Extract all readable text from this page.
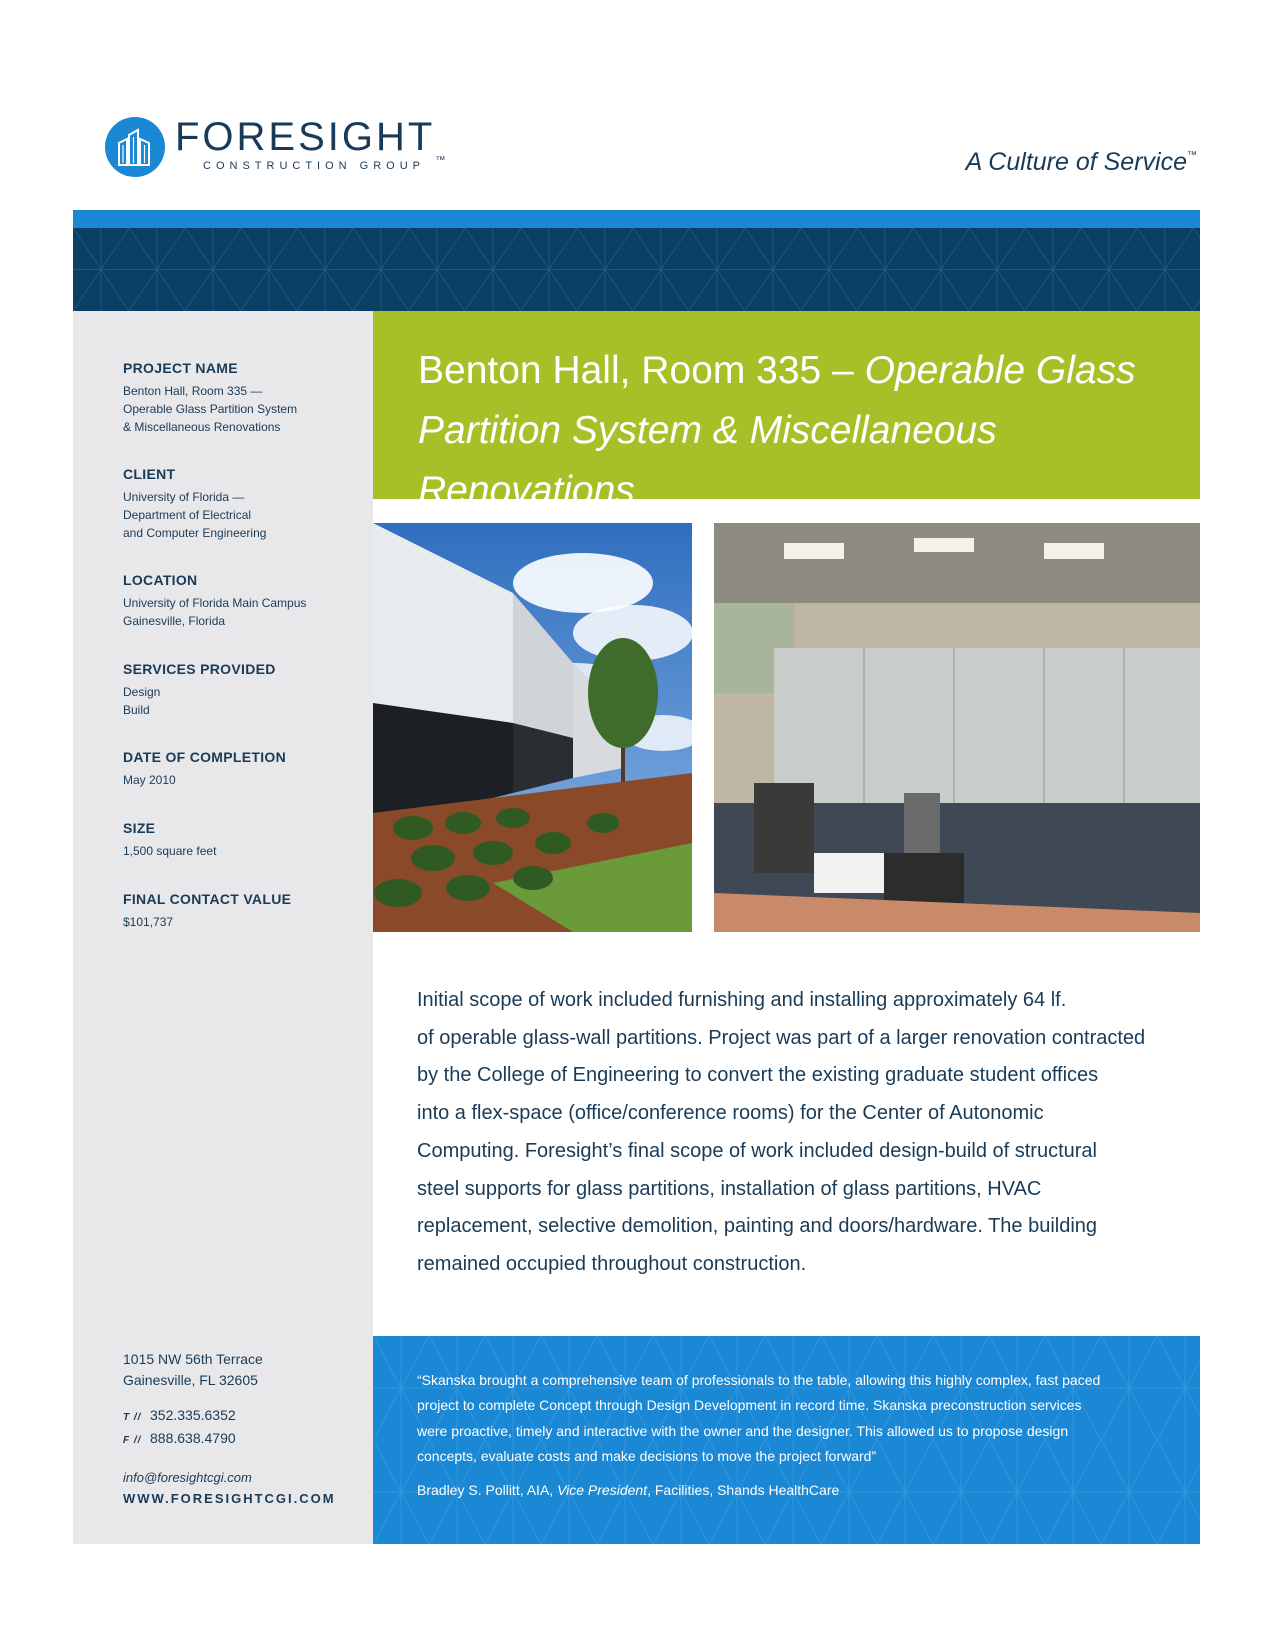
FORESIGHT™
CONSTRUCTION GROUP	A Culture of Service™
PROJECT NAME
Benton Hall, Room 335 —
Operable Glass Partition System
& Miscellaneous Renovations
CLIENT
University of Florida —
Department of Electrical
and Computer Engineering
LOCATION
University of Florida Main Campus
Gainesville, Florida
SERVICES PROVIDED
Design
Build
DATE OF COMPLETION
May 2010
SIZE
1,500 square feet
FINAL CONTACT VALUE
$101,737
1015 NW 56th Terrace
Gainesville, FL 32605
T // 352.335.6352
F // 888.638.4790
info@foresightcgi.com
WWW.FORESIGHTCGI.COM
Benton Hall, Room 335 – Operable Glass
Partition System & Miscellaneous Renovations
Initial scope of work included furnishing and installing approximately 64 lf.
of operable glass-wall partitions. Project was part of a larger renovation contracted
by the College of Engineering to convert the existing graduate student offices
into a flex-space (office/conference rooms) for the Center of Autonomic
Computing. Foresight’s final scope of work included design-build of structural
steel supports for glass partitions, installation of glass partitions, HVAC
replacement, selective demolition, painting and doors/hardware. The building
remained occupied throughout construction.
“Skanska brought a comprehensive team of professionals to the table, allowing this highly complex, fast paced
project to complete Concept through Design Development in record time. Skanska preconstruction services
were proactive, timely and interactive with the owner and the designer. This allowed us to propose design
concepts, evaluate costs and make decisions to move the project forward”
Bradley S. Pollitt, AIA, Vice President, Facilities, Shands HealthCare
